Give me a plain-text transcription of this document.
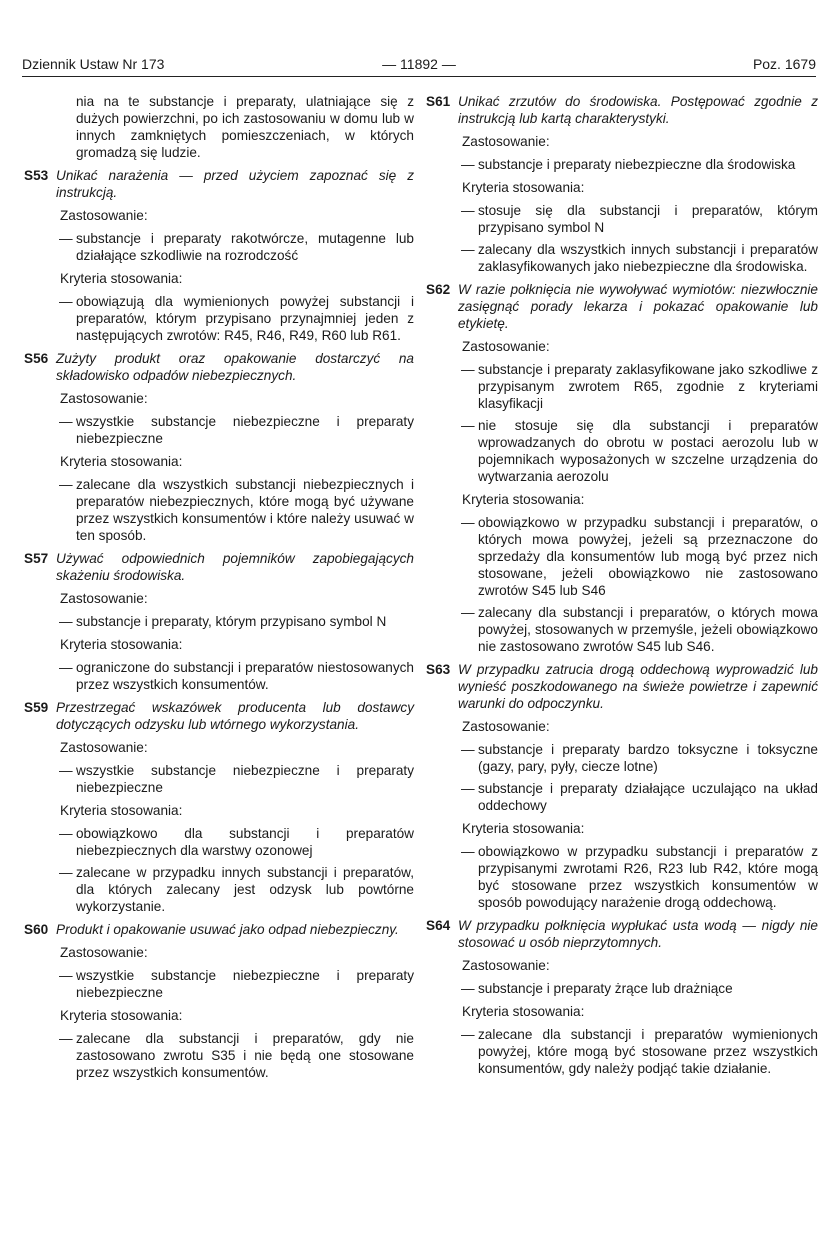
Dziennik Ustaw Nr 173	— 11892 —	Poz. 1679
nia na te substancje i preparaty, ulatniające się z dużych powierzchni, po ich zastosowaniu w domu lub w innych zamkniętych pomieszczeniach, w których gromadzą się ludzie.
S53 Unikać narażenia — przed użyciem zapoznać się z instrukcją.
Zastosowanie:
— substancje i preparaty rakotwórcze, mutagenne lub działające szkodliwie na rozrodczość
Kryteria stosowania:
— obowiązują dla wymienionych powyżej substancji i preparatów, którym przypisano przynajmniej jeden z następujących zwrotów: R45, R46, R49, R60 lub R61.
S56 Zużyty produkt oraz opakowanie dostarczyć na składowisko odpadów niebezpiecznych.
Zastosowanie:
— wszystkie substancje niebezpieczne i preparaty niebezpieczne
Kryteria stosowania:
— zalecane dla wszystkich substancji niebezpiecznych i preparatów niebezpiecznych, które mogą być używane przez wszystkich konsumentów i które należy usuwać w ten sposób.
S57 Używać odpowiednich pojemników zapobiegających skażeniu środowiska.
Zastosowanie:
— substancje i preparaty, którym przypisano symbol N
Kryteria stosowania:
— ograniczone do substancji i preparatów niestosowanych przez wszystkich konsumentów.
S59 Przestrzegać wskazówek producenta lub dostawcy dotyczących odzysku lub wtórnego wykorzystania.
Zastosowanie:
— wszystkie substancje niebezpieczne i preparaty niebezpieczne
Kryteria stosowania:
— obowiązkowo dla substancji i preparatów niebezpiecznych dla warstwy ozonowej
— zalecane w przypadku innych substancji i preparatów, dla których zalecany jest odzysk lub powtórne wykorzystanie.
S60 Produkt i opakowanie usuwać jako odpad niebezpieczny.
Zastosowanie:
— wszystkie substancje niebezpieczne i preparaty niebezpieczne
Kryteria stosowania:
— zalecane dla substancji i preparatów, gdy nie zastosowano zwrotu S35 i nie będą one stosowane przez wszystkich konsumentów.
S61 Unikać zrzutów do środowiska. Postępować zgodnie z instrukcją lub kartą charakterystyki.
Zastosowanie:
— substancje i preparaty niebezpieczne dla środowiska
Kryteria stosowania:
— stosuje się dla substancji i preparatów, którym przypisano symbol N
— zalecany dla wszystkich innych substancji i preparatów zaklasyfikowanych jako niebezpieczne dla środowiska.
S62 W razie połknięcia nie wywoływać wymiotów: niezwłocznie zasięgnąć porady lekarza i pokazać opakowanie lub etykietę.
Zastosowanie:
— substancje i preparaty zaklasyfikowane jako szkodliwe z przypisanym zwrotem R65, zgodnie z kryteriami klasyfikacji
— nie stosuje się dla substancji i preparatów wprowadzanych do obrotu w postaci aerozolu lub w pojemnikach wyposażonych w szczelne urządzenia do wytwarzania aerozolu
Kryteria stosowania:
— obowiązkowo w przypadku substancji i preparatów, o których mowa powyżej, jeżeli są przeznaczone do sprzedaży dla konsumentów lub mogą być przez nich stosowane, jeżeli obowiązkowo nie zastosowano zwrotów S45 lub S46
— zalecany dla substancji i preparatów, o których mowa powyżej, stosowanych w przemyśle, jeżeli obowiązkowo nie zastosowano zwrotów S45 lub S46.
S63 W przypadku zatrucia drogą oddechową wyprowadzić lub wynieść poszkodowanego na świeże powietrze i zapewnić warunki do odpoczynku.
Zastosowanie:
— substancje i preparaty bardzo toksyczne i toksyczne (gazy, pary, pyły, ciecze lotne)
— substancje i preparaty działające uczulająco na układ oddechowy
Kryteria stosowania:
— obowiązkowo w przypadku substancji i preparatów z przypisanymi zwrotami R26, R23 lub R42, które mogą być stosowane przez wszystkich konsumentów w sposób powodujący narażenie drogą oddechową.
S64 W przypadku połknięcia wypłukać usta wodą — nigdy nie stosować u osób nieprzytomnych.
Zastosowanie:
— substancje i preparaty żrące lub drażniące
Kryteria stosowania:
— zalecane dla substancji i preparatów wymienionych powyżej, które mogą być stosowane przez wszystkich konsumentów, gdy należy podjąć takie działanie.
